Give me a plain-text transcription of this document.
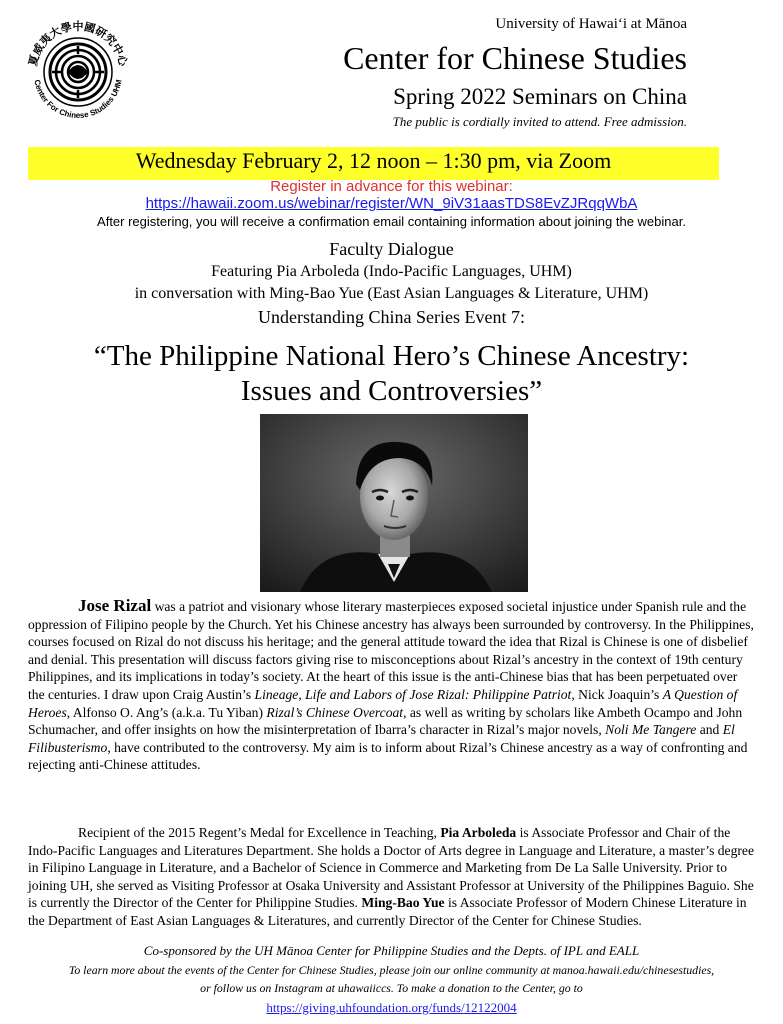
夏威夷大學中國研究中心
Center For Chinese Studies UHM
University of Hawaiʻi at Mānoa
Center for Chinese Studies
Spring 2022 Seminars on China
The public is cordially invited to attend. Free admission.
Wednesday February 2, 12 noon – 1:30 pm, via Zoom
Register in advance for this webinar:
https://hawaii.zoom.us/webinar/register/WN_9iV31aasTDS8EvZJRqqWbA
After registering, you will receive a confirmation email containing information about joining the webinar.
Faculty Dialogue
Featuring Pia Arboleda (Indo-Pacific Languages, UHM)
in conversation with Ming-Bao Yue (East Asian Languages & Literature, UHM)
Understanding China Series Event 7:
“The Philippine National Hero’s Chinese Ancestry:
Issues and Controversies”

Jose Rizal was a patriot and visionary whose literary masterpieces exposed societal injustice under Spanish rule and the oppression of Filipino people by the Church. Yet his Chinese ancestry has always been surrounded by controversy. In the Philippines, courses focused on Rizal do not discuss his heritage; and the general attitude toward the idea that Rizal is Chinese is one of disbelief and denial. This presentation will discuss factors giving rise to misconceptions about Rizal’s ancestry in the context of 19th century Philippines, and its implications in today’s society. At the heart of this issue is the anti-Chinese bias that has been perpetuated over the centuries. I draw upon Craig Austin’s Lineage, Life and Labors of Jose Rizal: Philippine Patriot, Nick Joaquin’s A Question of Heroes, Alfonso O. Ang’s (a.k.a. Tu Yiban) Rizal’s Chinese Overcoat, as well as writing by scholars like Ambeth Ocampo and John Schumacher, and offer insights on how the misinterpretation of Ibarra’s character in Rizal’s major novels, Noli Me Tangere and El Filibusterismo, have contributed to the controversy. My aim is to inform about Rizal’s Chinese ancestry as a way of confronting and rejecting anti-Chinese attitudes.

Recipient of the 2015 Regent’s Medal for Excellence in Teaching, Pia Arboleda is Associate Professor and Chair of the Indo-Pacific Languages and Literatures Department. She holds a Doctor of Arts degree in Language and Literature, a master’s degree in Filipino Language in Literature, and a Bachelor of Science in Commerce and Marketing from De La Salle University. Prior to joining UH, she served as Visiting Professor at Osaka University and Assistant Professor at University of the Philippines Baguio. She is currently the Director of the Center for Philippine Studies. Ming-Bao Yue is Associate Professor of Modern Chinese Literature in the Department of East Asian Languages & Literatures, and currently Director of the Center for Chinese Studies.

Co-sponsored by the UH Mānoa Center for Philippine Studies and the Depts. of IPL and EALL
To learn more about the events of the Center for Chinese Studies, please join our online community at manoa.hawaii.edu/chinesestudies,
or follow us on Instagram at uhawaiiccs. To make a donation to the Center, go to
https://giving.uhfoundation.org/funds/12122004
